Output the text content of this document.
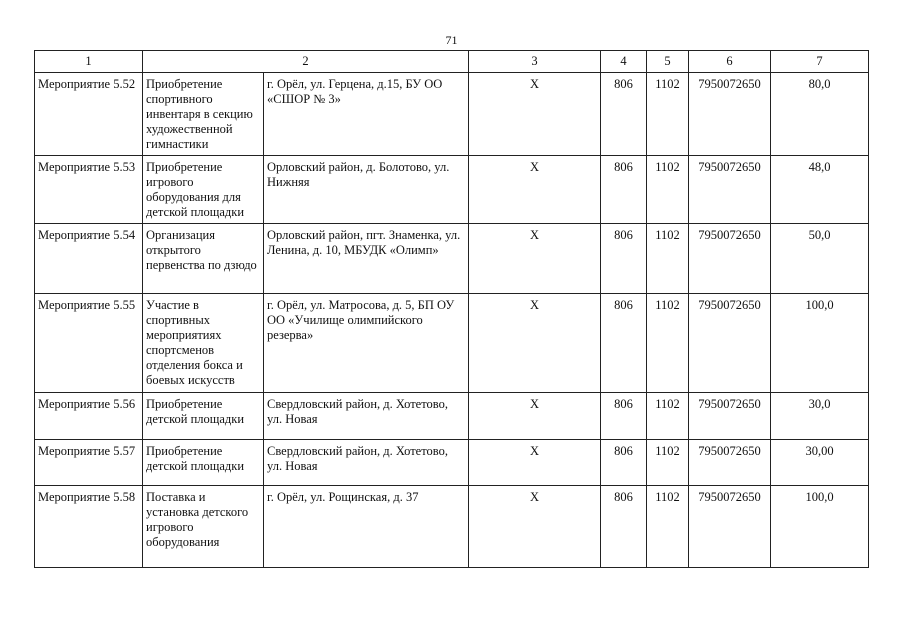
71
1	2		3	4	5	6	7
Мероприятие 5.52	Приобретение спортивного инвентаря в секцию художественной гимнастики	г. Орёл, ул. Герцена, д.15, БУ ОО «СШОР № 3»	X	806	1102	7950072650	80,0
Мероприятие 5.53	Приобретение игрового оборудования для детской площадки	Орловский район, д. Болотово, ул. Нижняя	X	806	1102	7950072650	48,0
Мероприятие 5.54	Организация открытого первенства по дзюдо	Орловский район, пгт. Знаменка, ул. Ленина, д. 10, МБУДК «Олимп»	X	806	1102	7950072650	50,0
Мероприятие 5.55	Участие в спортивных мероприятиях спортсменов отделения бокса и боевых искусств	г. Орёл, ул. Матросова, д. 5, БП ОУ ОО «Училище олимпийского резерва»	X	806	1102	7950072650	100,0
Мероприятие 5.56	Приобретение детской площадки	Свердловский район, д. Хотетово, ул. Новая	X	806	1102	7950072650	30,0
Мероприятие 5.57	Приобретение детской площадки	Свердловский район, д. Хотетово, ул. Новая	X	806	1102	7950072650	30,00
Мероприятие 5.58	Поставка и установка детского игрового оборудования	г. Орёл, ул. Рощинская, д. 37	X	806	1102	7950072650	100,0
